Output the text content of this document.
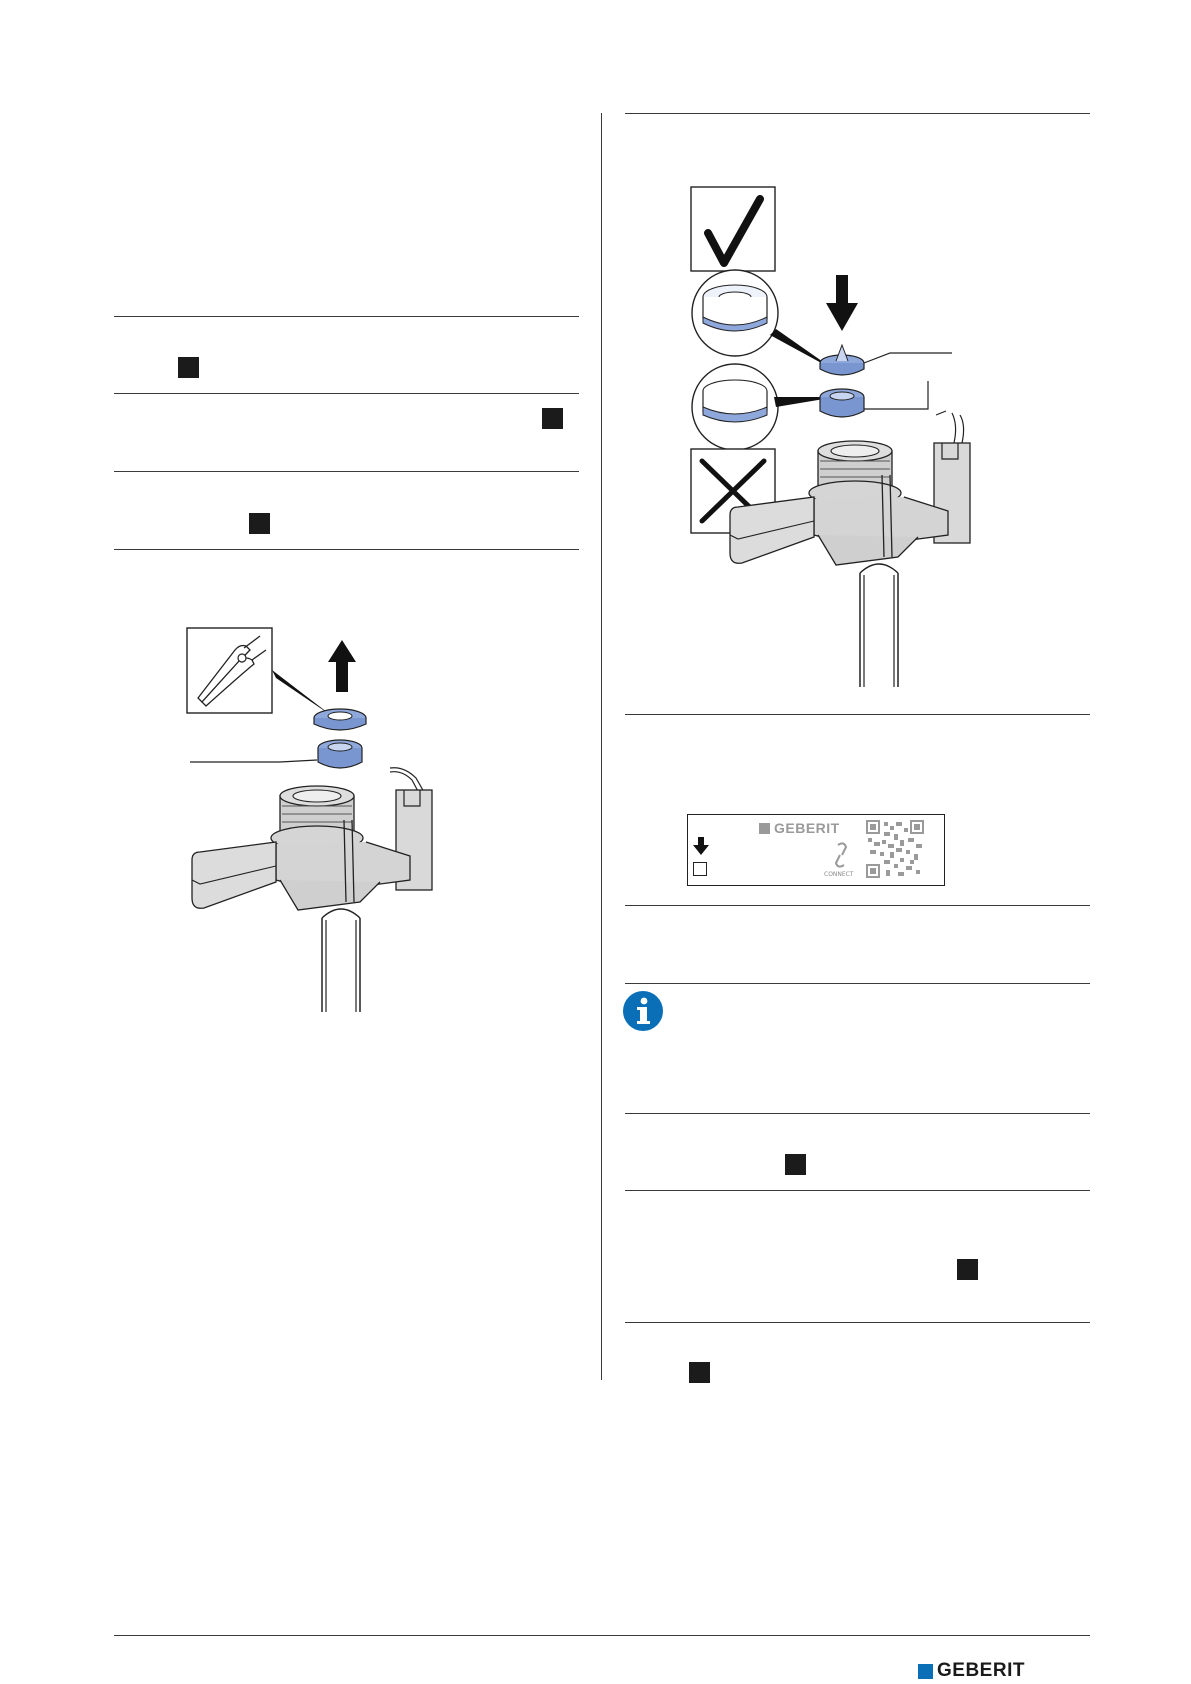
GEBERIT
CONNECT
GEBERIT
